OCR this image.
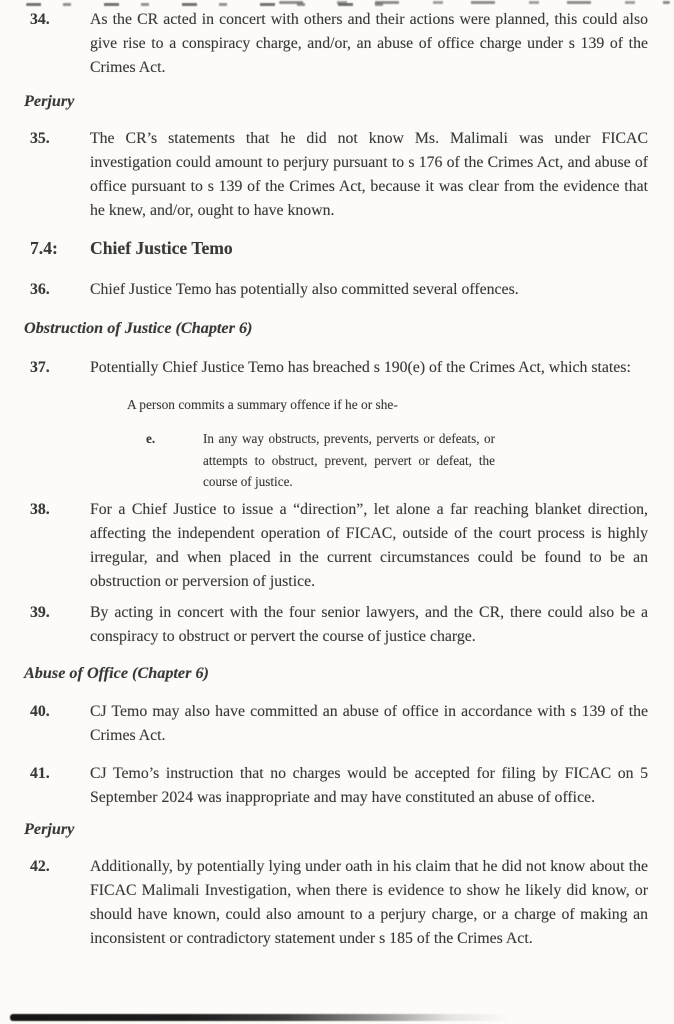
34.	As the CR acted in concert with others and their actions were planned, this could also give rise to a conspiracy charge, and/or, an abuse of office charge under s 139 of the Crimes Act.
Perjury
35.	The CR’s statements that he did not know Ms. Malimali was under FICAC investigation could amount to perjury pursuant to s 176 of the Crimes Act, and abuse of office pursuant to s 139 of the Crimes Act, because it was clear from the evidence that he knew, and/or, ought to have known.
7.4:	Chief Justice Temo
36.	Chief Justice Temo has potentially also committed several offences.
Obstruction of Justice (Chapter 6)
37.	Potentially Chief Justice Temo has breached s 190(e) of the Crimes Act, which states:
A person commits a summary offence if he or she-
e.	In any way obstructs, prevents, perverts or defeats, or attempts to obstruct, prevent, pervert or defeat, the course of justice.
38.	For a Chief Justice to issue a “direction”, let alone a far reaching blanket direction, affecting the independent operation of FICAC, outside of the court process is highly irregular, and when placed in the current circumstances could be found to be an obstruction or perversion of justice.
39.	By acting in concert with the four senior lawyers, and the CR, there could also be a conspiracy to obstruct or pervert the course of justice charge.
Abuse of Office (Chapter 6)
40.	CJ Temo may also have committed an abuse of office in accordance with s 139 of the Crimes Act.
41.	CJ Temo’s instruction that no charges would be accepted for filing by FICAC on 5 September 2024 was inappropriate and may have constituted an abuse of office.
Perjury
42.	Additionally, by potentially lying under oath in his claim that he did not know about the FICAC Malimali Investigation, when there is evidence to show he likely did know, or should have known, could also amount to a perjury charge, or a charge of making an inconsistent or contradictory statement under s 185 of the Crimes Act.
